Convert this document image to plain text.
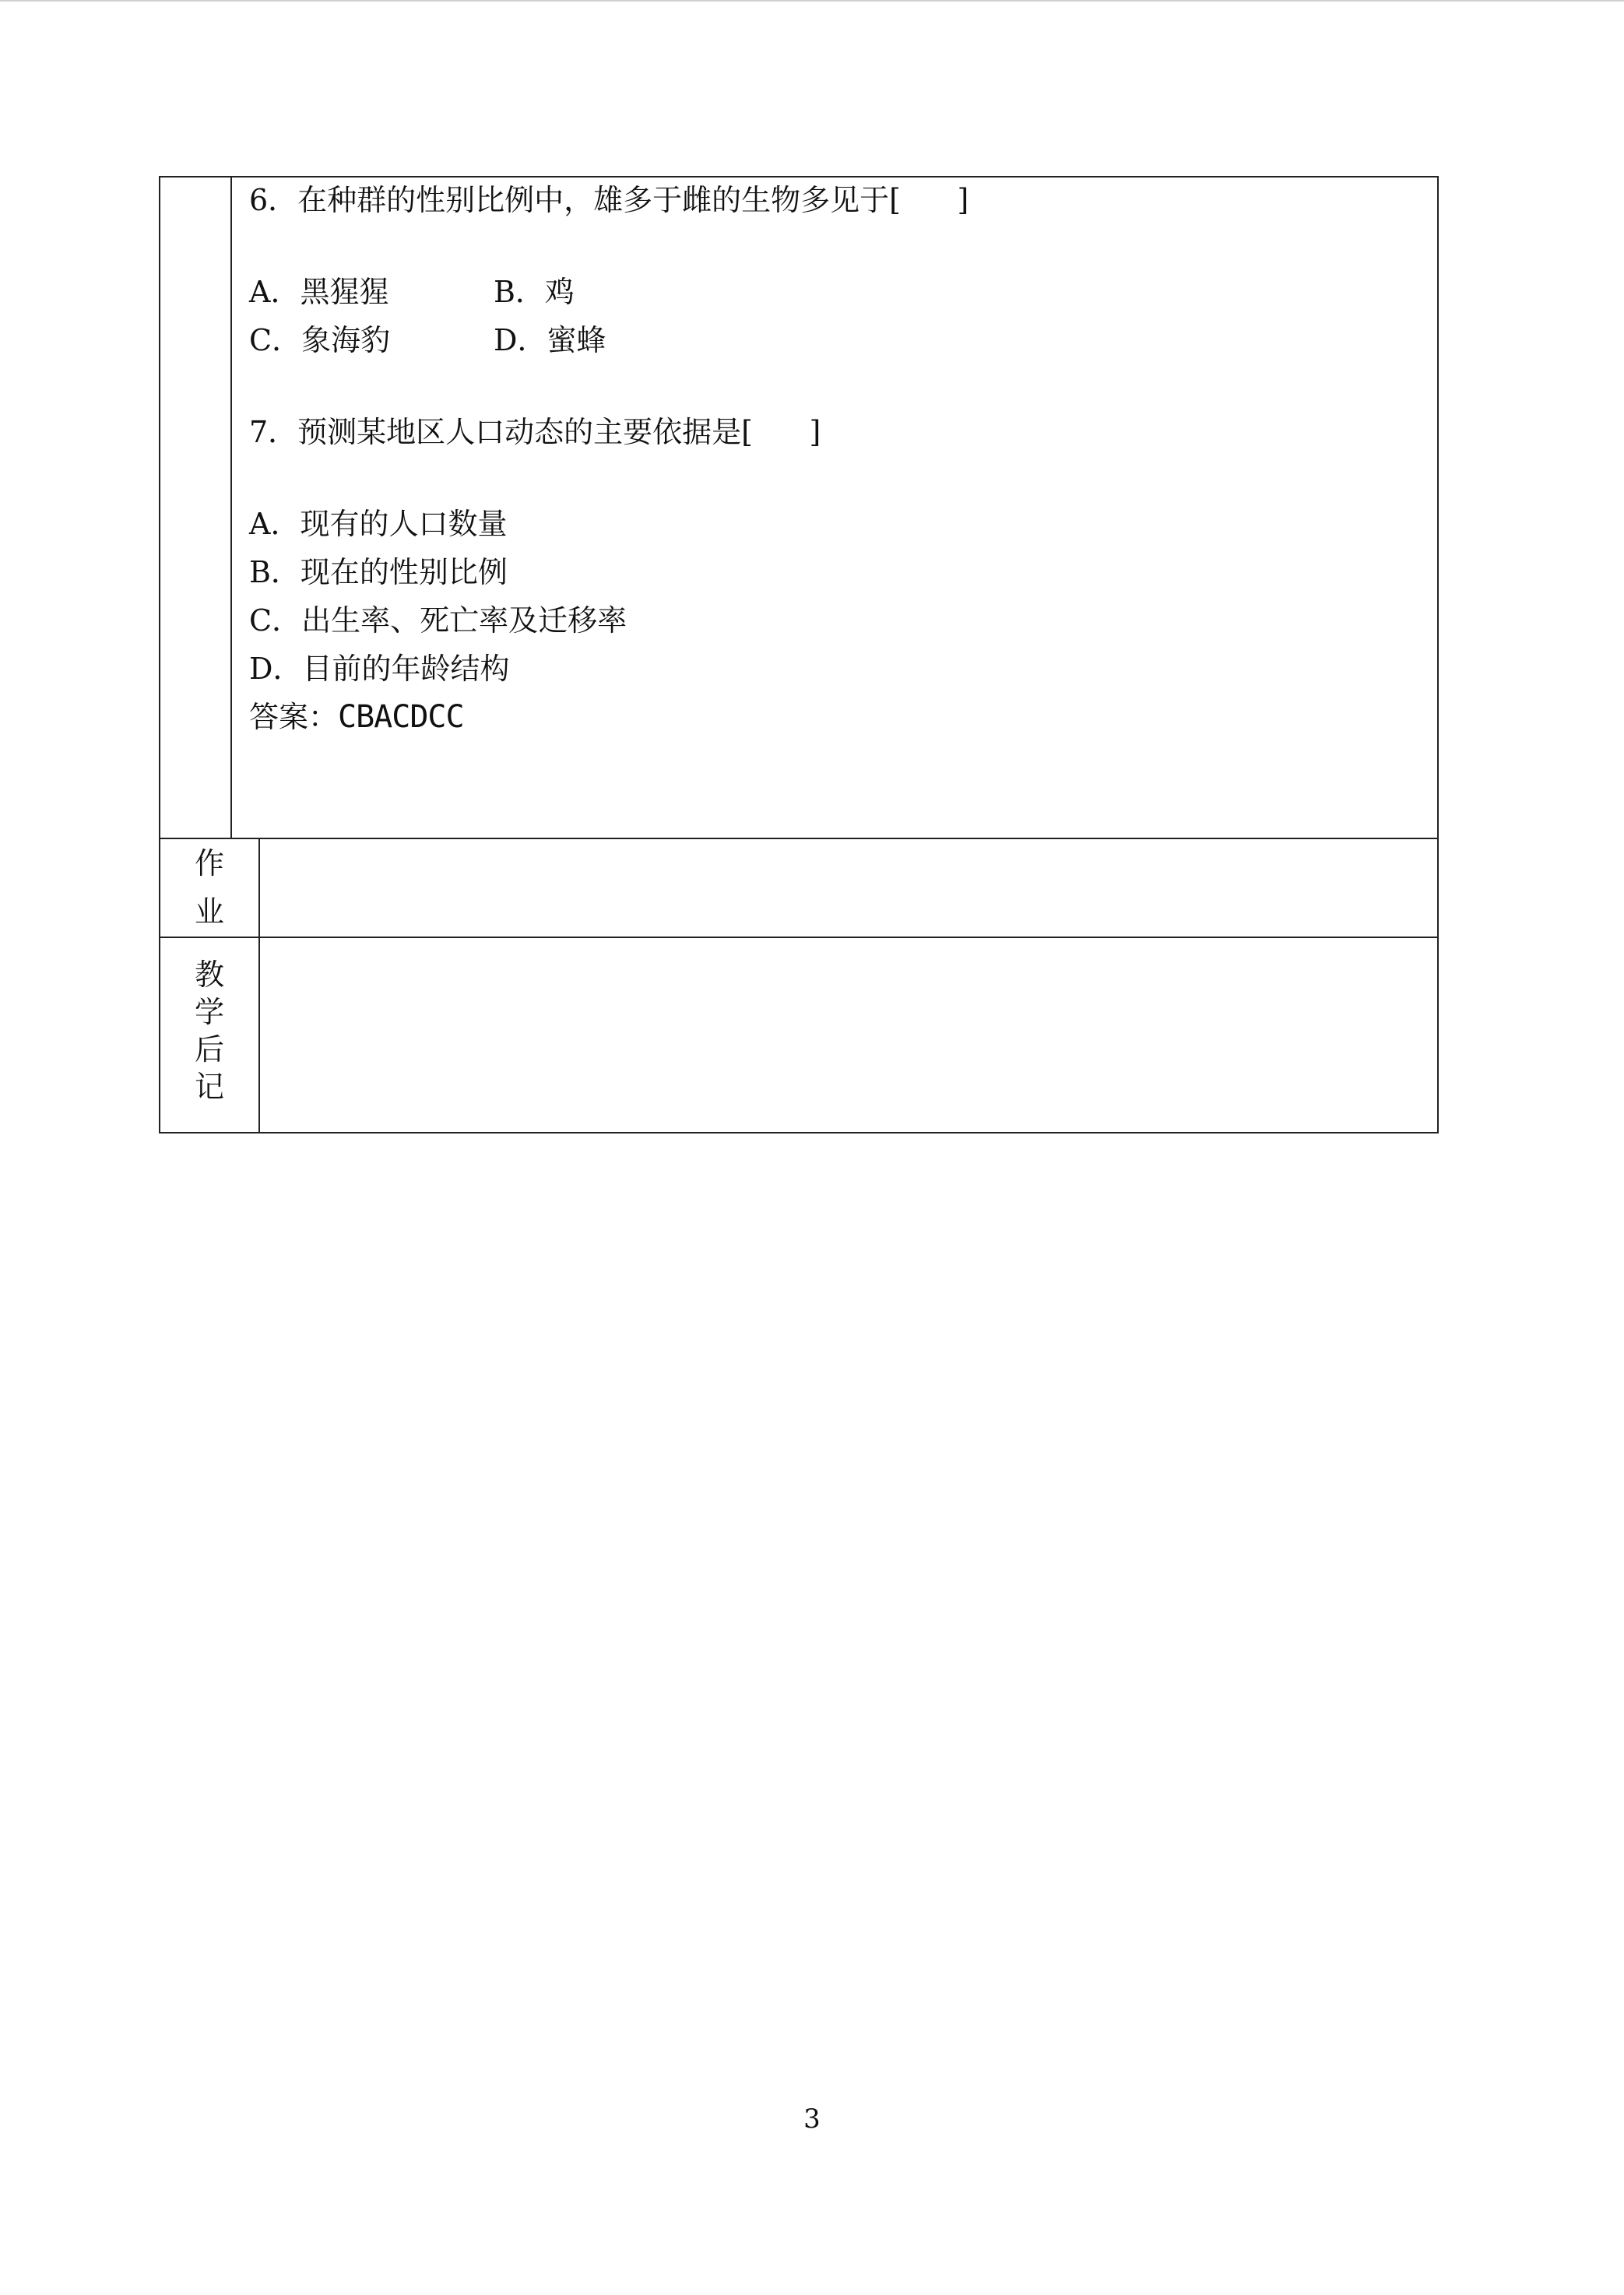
6．在种群的性别比例中，雄多于雌的生物多见于[      ]

A．黑猩猩	B．鸡
C．象海豹	D．蜜蜂

7．预测某地区人口动态的主要依据是[      ]

A．现有的人口数量

B．现在的性别比例

C．出生率、死亡率及迁移率

D．目前的年龄结构

答案：CBACDCC

作
业
教
学
后
记
3
